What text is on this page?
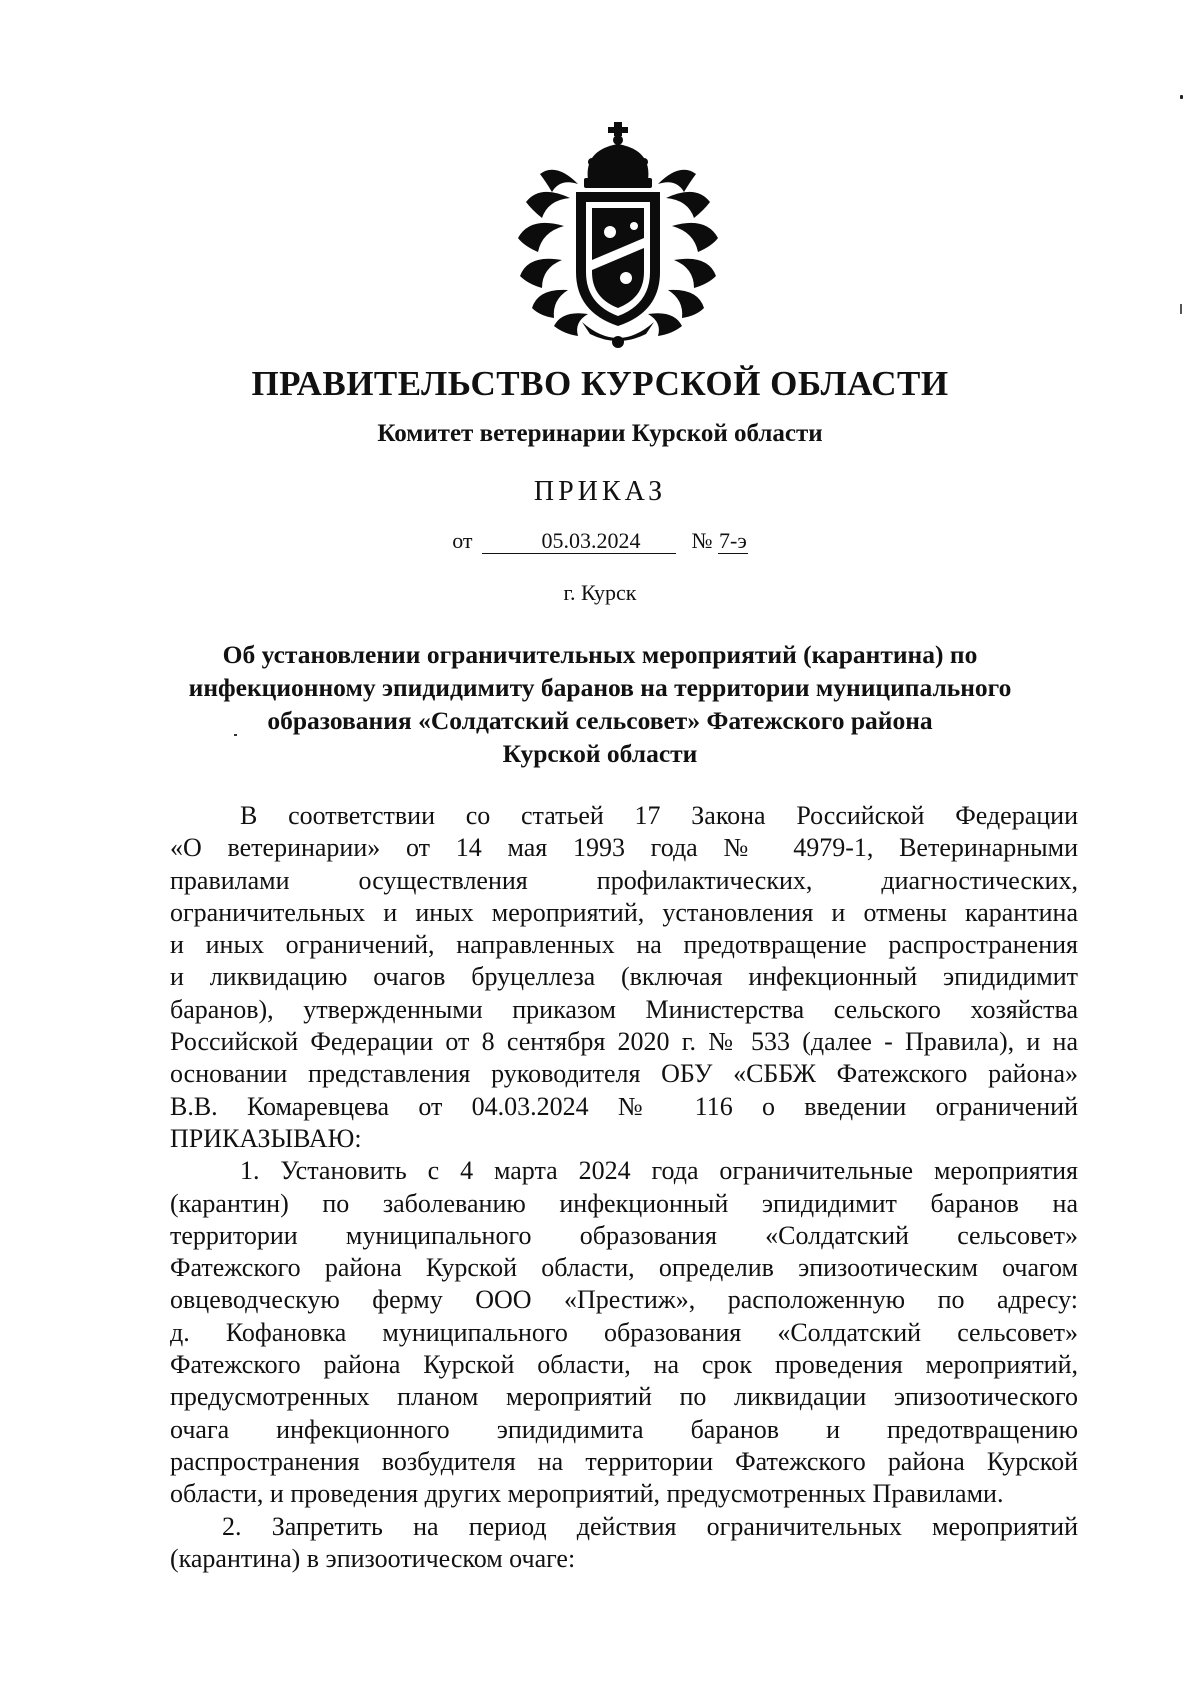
ПРАВИТЕЛЬСТВО КУРСКОЙ ОБЛАСТИ
Комитет ветеринарии Курской области
ПРИКАЗ
от	05.03.2024 № 7-э
г. Курск
Об установлении ограничительных мероприятий (карантина) по
инфекционному эпидидимиту баранов на территории муниципального
образования «Солдатский сельсовет» Фатежского района
Курской области
В соответствии со статьей 17 Закона Российской Федерации
«О ветеринарии» от 14 мая 1993 года № 4979-1, Ветеринарными
правилами осуществления профилактических, диагностических,
ограничительных и иных мероприятий, установления и отмены карантина
и иных ограничений, направленных на предотвращение распространения
и ликвидацию очагов бруцеллеза (включая инфекционный эпидидимит
баранов), утвержденными приказом Министерства сельского хозяйства
Российской Федерации от 8 сентября 2020 г. № 533 (далее - Правила), и на
основании представления руководителя ОБУ «СББЖ Фатежского района»
В.В. Комаревцева от 04.03.2024 № 116 о введении ограничений
ПРИКАЗЫВАЮ:
1. Установить с 4 марта 2024 года ограничительные мероприятия
(карантин) по заболеванию инфекционный эпидидимит баранов на
территории муниципального образования «Солдатский сельсовет»
Фатежского района Курской области, определив эпизоотическим очагом
овцеводческую ферму ООО «Престиж», расположенную по адресу:
д. Кофановка муниципального образования «Солдатский сельсовет»
Фатежского района Курской области, на срок проведения мероприятий,
предусмотренных планом мероприятий по ликвидации эпизоотического
очага инфекционного эпидидимита баранов и предотвращению
распространения возбудителя на территории Фатежского района Курской
области, и проведения других мероприятий, предусмотренных Правилами.
2. Запретить на период действия ограничительных мероприятий
(карантина) в эпизоотическом очаге:
